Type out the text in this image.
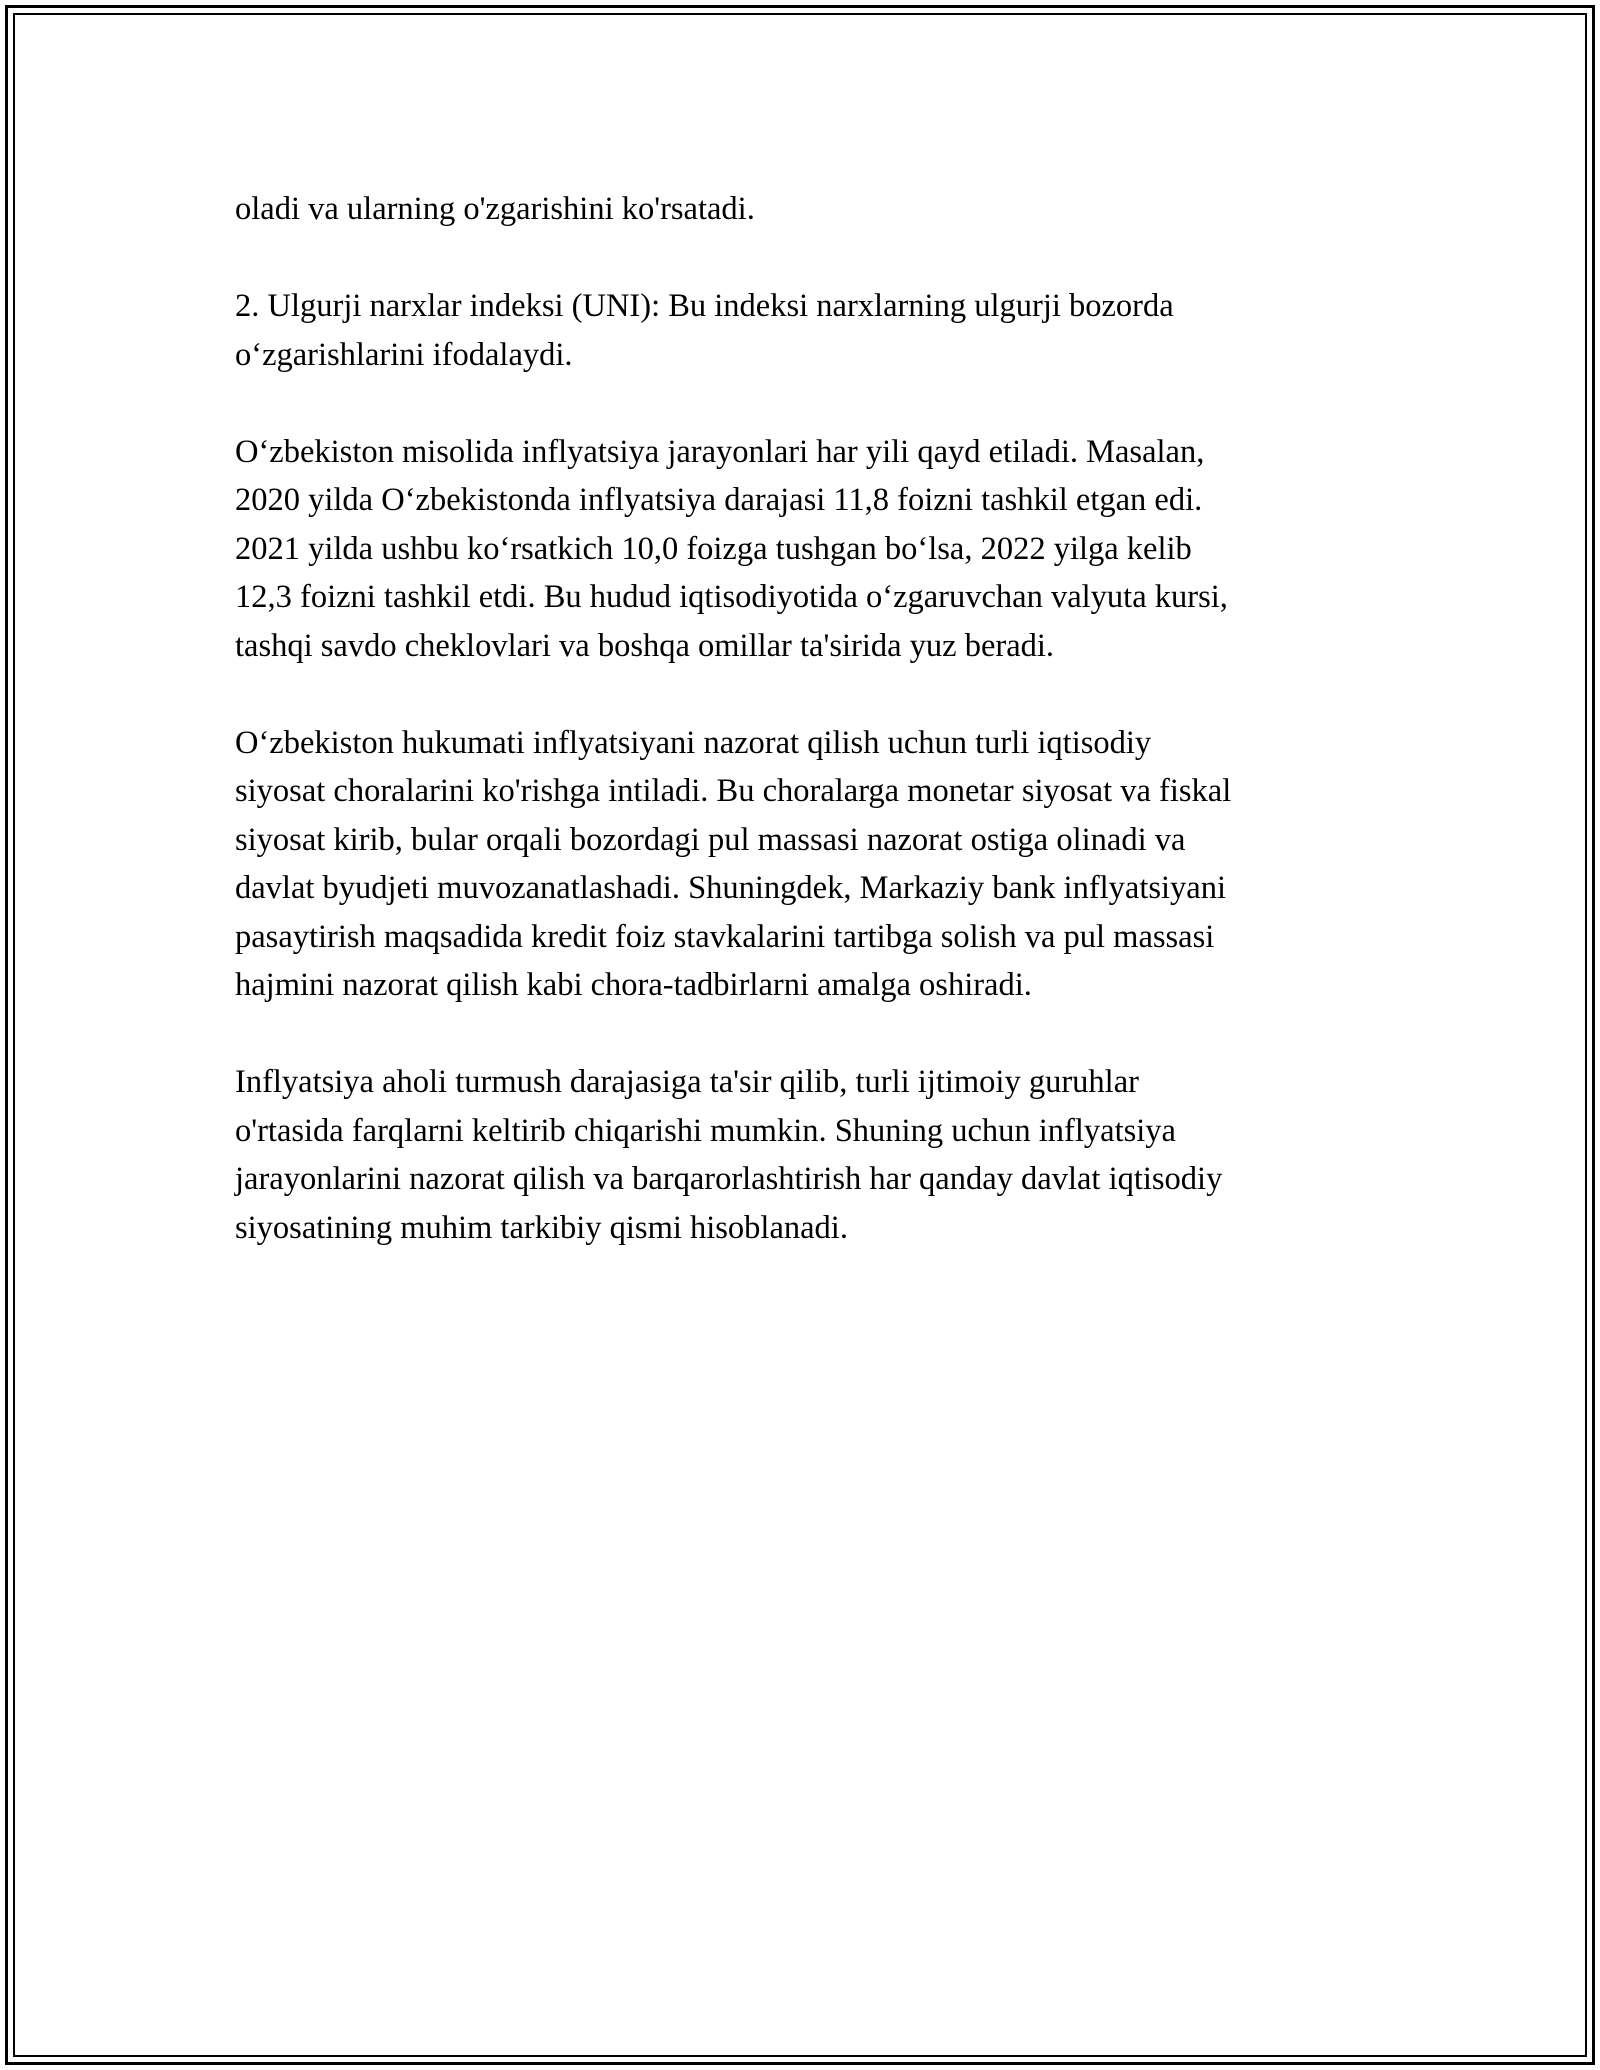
oladi va ularning o'zgarishini ko'rsatadi.

2. Ulgurji narxlar indeksi (UNI): Bu indeksi narxlarning ulgurji bozorda
o‘zgarishlarini ifodalaydi.

O‘zbekiston misolida inflyatsiya jarayonlari har yili qayd etiladi. Masalan,
2020 yilda O‘zbekistonda inflyatsiya darajasi 11,8 foizni tashkil etgan edi.
2021 yilda ushbu ko‘rsatkich 10,0 foizga tushgan bo‘lsa, 2022 yilga kelib
12,3 foizni tashkil etdi. Bu hudud iqtisodiyotida o‘zgaruvchan valyuta kursi,
tashqi savdo cheklovlari va boshqa omillar ta'sirida yuz beradi.

O‘zbekiston hukumati inflyatsiyani nazorat qilish uchun turli iqtisodiy
siyosat choralarini ko'rishga intiladi. Bu choralarga monetar siyosat va fiskal
siyosat kirib, bular orqali bozordagi pul massasi nazorat ostiga olinadi va
davlat byudjeti muvozanatlashadi. Shuningdek, Markaziy bank inflyatsiyani
pasaytirish maqsadida kredit foiz stavkalarini tartibga solish va pul massasi
hajmini nazorat qilish kabi chora-tadbirlarni amalga oshiradi.

Inflyatsiya aholi turmush darajasiga ta'sir qilib, turli ijtimoiy guruhlar
o'rtasida farqlarni keltirib chiqarishi mumkin. Shuning uchun inflyatsiya
jarayonlarini nazorat qilish va barqarorlashtirish har qanday davlat iqtisodiy
siyosatining muhim tarkibiy qismi hisoblanadi.
